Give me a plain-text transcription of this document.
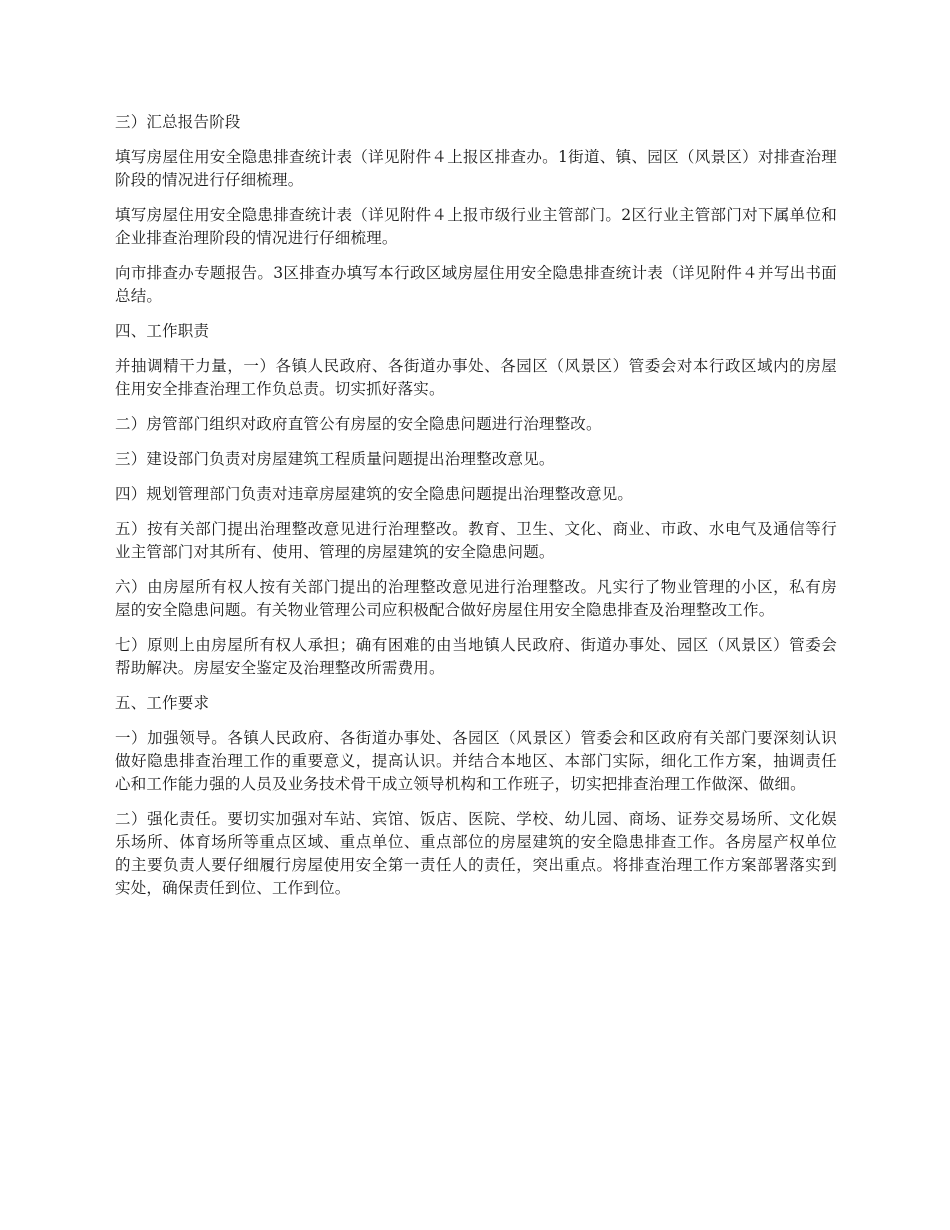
三）汇总报告阶段

填写房屋住用安全隐患排查统计表（详见附件４上报区排查办。1街道、镇、园区（风景区）对排查治理阶段的情况进行仔细梳理。

填写房屋住用安全隐患排查统计表（详见附件４上报市级行业主管部门。2区行业主管部门对下属单位和企业排查治理阶段的情况进行仔细梳理。

向市排查办专题报告。3区排查办填写本行政区域房屋住用安全隐患排查统计表（详见附件４并写出书面总结。

四、工作职责

并抽调精干力量，一）各镇人民政府、各街道办事处、各园区（风景区）管委会对本行政区域内的房屋住用安全排查治理工作负总责。切实抓好落实。

二）房管部门组织对政府直管公有房屋的安全隐患问题进行治理整改。

三）建设部门负责对房屋建筑工程质量问题提出治理整改意见。

四）规划管理部门负责对违章房屋建筑的安全隐患问题提出治理整改意见。

五）按有关部门提出治理整改意见进行治理整改。教育、卫生、文化、商业、市政、水电气及通信等行业主管部门对其所有、使用、管理的房屋建筑的安全隐患问题。

六）由房屋所有权人按有关部门提出的治理整改意见进行治理整改。凡实行了物业管理的小区，私有房屋的安全隐患问题。有关物业管理公司应积极配合做好房屋住用安全隐患排查及治理整改工作。

七）原则上由房屋所有权人承担；确有困难的由当地镇人民政府、街道办事处、园区（风景区）管委会帮助解决。房屋安全鉴定及治理整改所需费用。

五、工作要求

一）加强领导。各镇人民政府、各街道办事处、各园区（风景区）管委会和区政府有关部门要深刻认识做好隐患排查治理工作的重要意义，提高认识。并结合本地区、本部门实际，细化工作方案，抽调责任心和工作能力强的人员及业务技术骨干成立领导机构和工作班子，切实把排查治理工作做深、做细。

二）强化责任。要切实加强对车站、宾馆、饭店、医院、学校、幼儿园、商场、证券交易场所、文化娱乐场所、体育场所等重点区域、重点单位、重点部位的房屋建筑的安全隐患排查工作。各房屋产权单位的主要负责人要仔细履行房屋使用安全第一责任人的责任，突出重点。将排查治理工作方案部署落实到实处，确保责任到位、工作到位。
